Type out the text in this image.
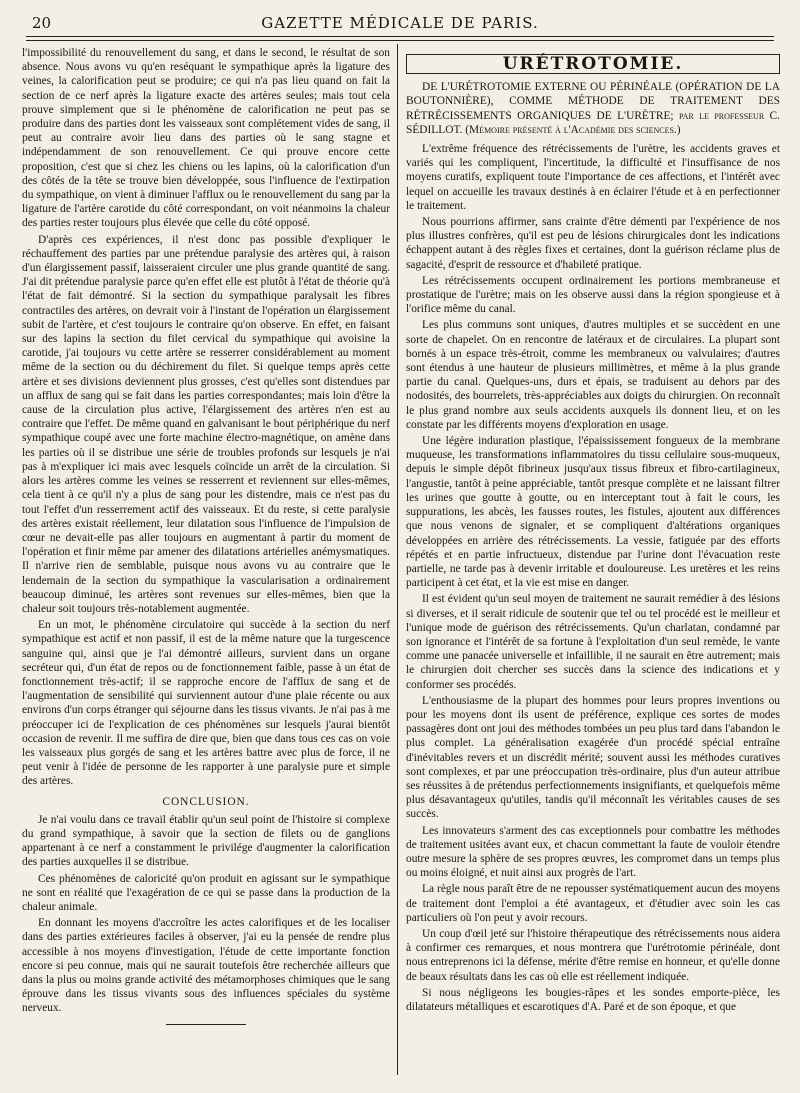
20	GAZETTE MÉDICALE DE PARIS.

l'impossibilité du renouvellement du sang, et dans le second, le résultat de son absence. Nous avons vu qu'en reséquant le sympathique après la ligature des veines, la calorification peut se produire; ce qui n'a pas lieu quand on fait la section de ce nerf après la ligature exacte des artères seules; mais tout cela prouve simplement que si le phénomène de calorification ne peut pas se produire dans des parties dont les vaisseaux sont complétement vides de sang, il peut au contraire avoir lieu dans des parties où le sang stagne et indépendamment de son renouvellement. Ce qui prouve encore cette proposition, c'est que si chez les chiens ou les lapins, où la calorification d'un des côtés de la tête se trouve bien développée, sous l'influence de l'extirpation du sympathique, on vient à diminuer l'afflux ou le renouvellement du sang par la ligature de l'artère carotide du côté correspondant, on voit néanmoins la chaleur des parties rester toujours plus élevée que celle du côté opposé.

D'après ces expériences, il n'est donc pas possible d'expliquer le réchauffement des parties par une prétendue paralysie des artères qui, à raison d'un élargissement passif, laisseraient circuler une plus grande quantité de sang. J'ai dit prétendue paralysie parce qu'en effet elle est plutôt à l'état de théorie qu'à l'état de fait démontré. Si la section du sympathique paralysait les fibres contractiles des artères, on devrait voir à l'instant de l'opération un élargissement subit de l'artère, et c'est toujours le contraire qu'on observe. En effet, en faisant sur des lapins la section du filet cervical du sympathique qui avoisine la carotide, j'ai toujours vu cette artère se resserrer considérablement au moment même de la section ou du déchirement du filet. Si quelque temps après cette artère et ses divisions deviennent plus grosses, c'est qu'elles sont distendues par un afflux de sang qui se fait dans les parties correspondantes; mais loin d'être la cause de la circulation plus active, l'élargissement des artères n'en est au contraire que l'effet. De même quand en galvanisant le bout périphérique du nerf sympathique coupé avec une forte machine électro-magnétique, on amène dans les parties où il se distribue une série de troubles profonds sur lesquels je n'ai pas à m'expliquer ici mais avec lesquels coïncide un arrêt de la circulation. Si alors les artères comme les veines se resserrent et reviennent sur elles-mêmes, cela tient à ce qu'il n'y a plus de sang pour les distendre, mais ce n'est pas du tout l'effet d'un resserrement actif des vaisseaux. Et du reste, si cette paralysie des artères existait réellement, leur dilatation sous l'influence de l'impulsion de cœur ne devait-elle pas aller toujours en augmentant à partir du moment de l'opération et finir même par amener des dilatations artérielles anémysmatiques. Il n'arrive rien de semblable, puisque nous avons vu au contraire que le lendemain de la section du sympathique la vascularisation a ordinairement beaucoup diminué, les artères sont revenues sur elles-mêmes, bien que la chaleur soit toujours très-notablement augmentée.

En un mot, le phénomène circulatoire qui succède à la section du nerf sympathique est actif et non passif, il est de la même nature que la turgescence sanguine qui, ainsi que je l'ai démontré ailleurs, survient dans un organe secréteur qui, d'un état de repos ou de fonctionnement faible, passe à un état de fonctionnement très-actif; il se rapproche encore de l'afflux de sang et de l'augmentation de sensibilité qui surviennent autour d'une plaie récente ou aux environs d'un corps étranger qui séjourne dans les tissus vivants. Je n'ai pas à me préoccuper ici de l'explication de ces phénomènes sur lesquels j'aurai bientôt occasion de revenir. Il me suffira de dire que, bien que dans tous ces cas on voie les vaisseaux plus gorgés de sang et les artères battre avec plus de force, il ne peut venir à l'idée de personne de les rapporter à une paralysie pure et simple des artères.

CONCLUSION.

Je n'ai voulu dans ce travail établir qu'un seul point de l'histoire si complexe du grand sympathique, à savoir que la section de filets ou de ganglions appartenant à ce nerf a constamment le privilége d'augmenter la calorification des parties auxquelles il se distribue.

Ces phénomènes de caloricité qu'on produit en agissant sur le sympathique ne sont en réalité que l'exagération de ce qui se passe dans la production de la chaleur animale.

En donnant les moyens d'accroître les actes calorifiques et de les localiser dans des parties extérieures faciles à observer, j'ai eu la pensée de rendre plus accessible à nos moyens d'investigation, l'étude de cette importante fonction encore si peu connue, mais qui ne saurait toutefois être recherchée ailleurs que dans la plus ou moins grande activité des métamorphoses chimiques que le sang éprouve dans les tissus vivants sous des influences spéciales du système nerveux.

URÉTROTOMIE.

DE L'URÉTROTOMIE EXTERNE OU PÉRINÉALE (OPÉRATION DE LA BOUTONNIÈRE), COMME MÉTHODE DE TRAITEMENT DES RÉTRÉCISSEMENTS ORGANIQUES DE L'URÈTRE; par le professeur C. SÉDILLOT. (Mémoire présenté à l'Académie des sciences.)

L'extrême fréquence des rétrécissements de l'urètre, les accidents graves et variés qui les compliquent, l'incertitude, la difficulté et l'insuffisance de nos moyens curatifs, expliquent toute l'importance de ces affections, et l'intérêt avec lequel on accueille les travaux destinés à en éclairer l'étude et à en perfectionner le traitement.

Nous pourrions affirmer, sans crainte d'être démenti par l'expérience de nos plus illustres confrères, qu'il est peu de lésions chirurgicales dont les indications échappent autant à des règles fixes et certaines, dont la guérison réclame plus de sagacité, d'esprit de ressource et d'habileté pratique.

Les rétrécissements occupent ordinairement les portions membraneuse et prostatique de l'urètre; mais on les observe aussi dans la région spongieuse et à l'orifice même du canal.

Les plus communs sont uniques, d'autres multiples et se succèdent en une sorte de chapelet. On en rencontre de latéraux et de circulaires. La plupart sont bornés à un espace très-étroit, comme les membraneux ou valvulaires; d'autres sont étendus à une hauteur de plusieurs millimètres, et même à la plus grande partie du canal. Quelques-uns, durs et épais, se traduisent au dehors par des nodosités, des bourrelets, très-appréciables aux doigts du chirurgien. On reconnaît le plus grand nombre aux seuls accidents auxquels ils donnent lieu, et on les constate par les différents moyens d'exploration en usage.

Une légère induration plastique, l'épaississement fongueux de la membrane muqueuse, les transformations inflammatoires du tissu cellulaire sous-muqueux, depuis le simple dépôt fibrineux jusqu'aux tissus fibreux et fibro-cartilagineux, l'angustie, tantôt à peine appréciable, tantôt presque complète et ne laissant filtrer les urines que goutte à goutte, ou en interceptant tout à fait le cours, les suppurations, les abcès, les fausses routes, les fistules, ajoutent aux différences que nous venons de signaler, et se compliquent d'altérations organiques développées en arrière des rétrécissements. La vessie, fatiguée par des efforts répétés et en partie infructueux, distendue par l'urine dont l'évacuation reste partielle, ne tarde pas à devenir irritable et douloureuse. Les uretères et les reins participent à cet état, et la vie est mise en danger.

Il est évident qu'un seul moyen de traitement ne saurait remédier à des lésions si diverses, et il serait ridicule de soutenir que tel ou tel procédé est le meilleur et l'unique mode de guérison des rétrécissements. Qu'un charlatan, condamné par son ignorance et l'intérêt de sa fortune à l'exploitation d'un seul remède, le vante comme une panacée universelle et infaillible, il ne saurait en être autrement; mais le chirurgien doit chercher ses succès dans la science des indications et y conformer ses procédés.

L'enthousiasme de la plupart des hommes pour leurs propres inventions ou pour les moyens dont ils usent de préférence, explique ces sortes de modes passagères dont ont joui des méthodes tombées un peu plus tard dans l'abandon le plus complet. La généralisation exagérée d'un procédé spécial entraîne d'inévitables revers et un discrédit mérité; souvent aussi les méthodes curatives sont complexes, et par une préoccupation très-ordinaire, plus d'un auteur attribue ses réussites à de prétendus perfectionnements insignifiants, et quelquefois même plus désavantageux qu'utiles, tandis qu'il méconnaît les véritables causes de ses succès.

Les innovateurs s'arment des cas exceptionnels pour combattre les méthodes de traitement usitées avant eux, et chacun commettant la faute de vouloir étendre outre mesure la sphère de ses propres œuvres, les compromet dans un temps plus ou moins éloigné, et nuit ainsi aux progrès de l'art.

La règle nous paraît être de ne repousser systématiquement aucun des moyens de traitement dont l'emploi a été avantageux, et d'étudier avec soin les cas particuliers où l'on peut y avoir recours.

Un coup d'œil jeté sur l'histoire thérapeutique des rétrécissements nous aidera à confirmer ces remarques, et nous montrera que l'urétrotomie périnéale, dont nous entreprenons ici la défense, mérite d'être remise en honneur, et qu'elle donne de beaux résultats dans les cas où elle est réellement indiquée.

Si nous négligeons les bougies-râpes et les sondes emporte-pièce, les dilatateurs métalliques et escarotiques d'A. Paré et de son époque, et que
